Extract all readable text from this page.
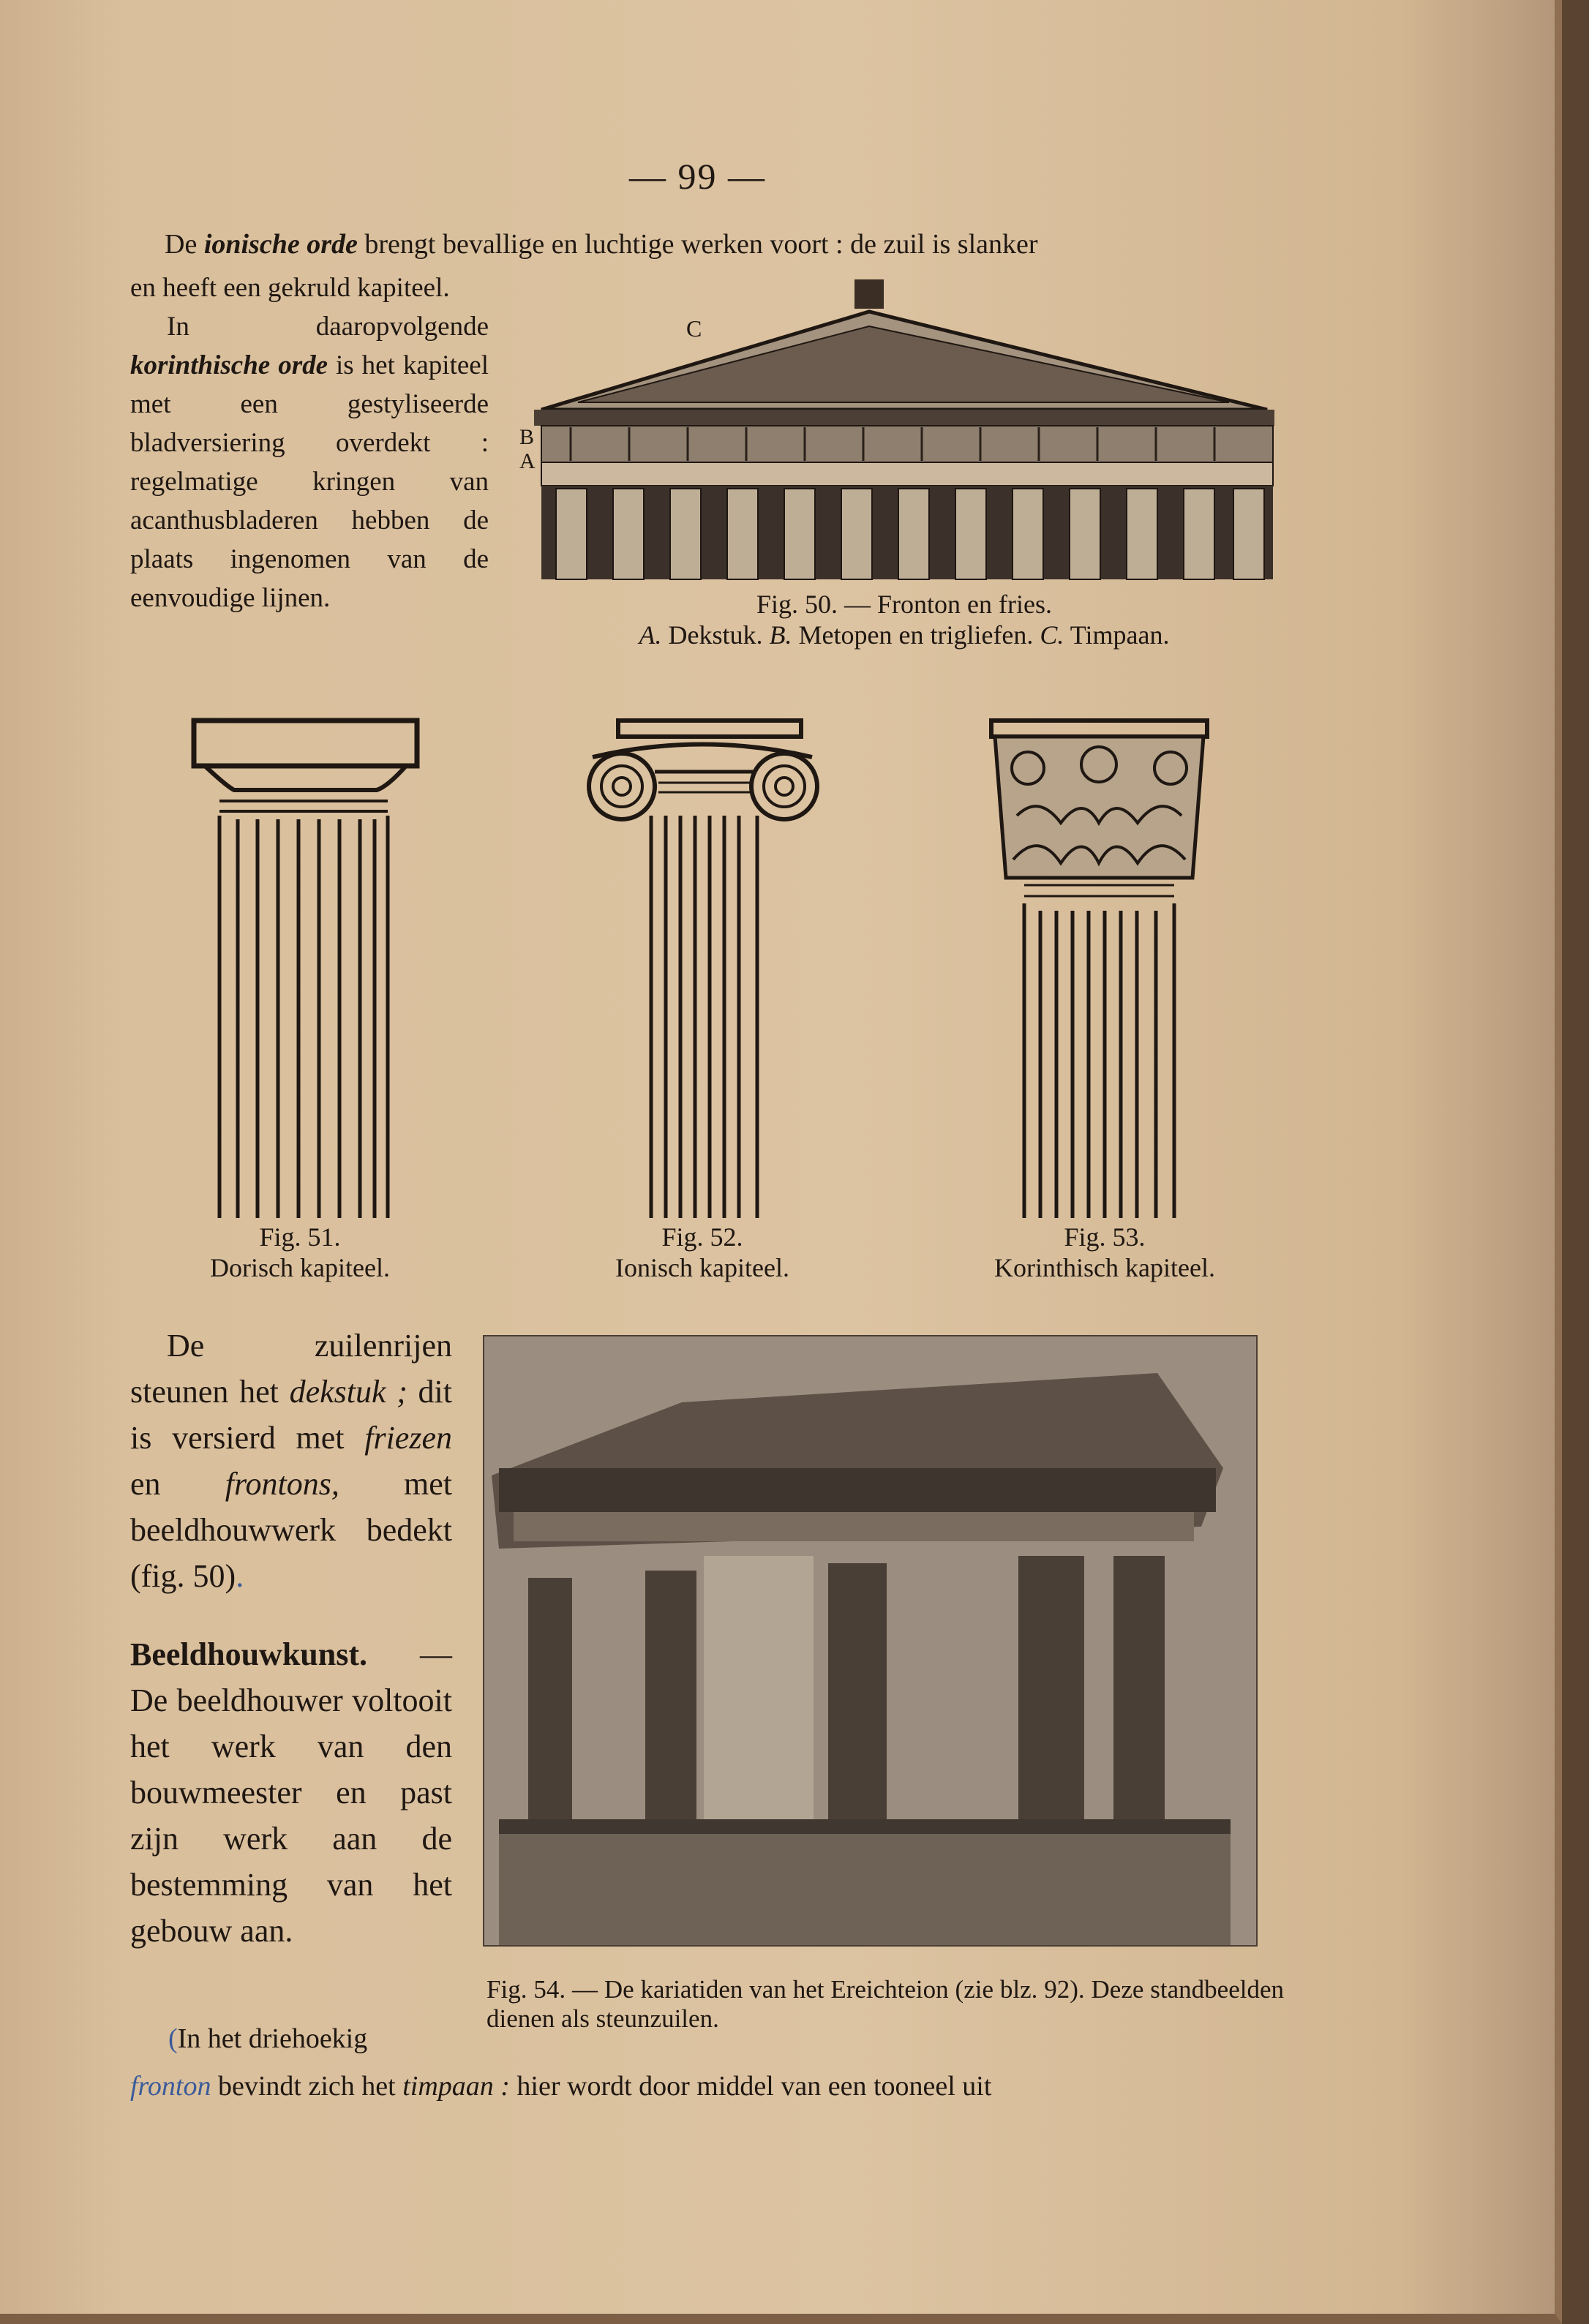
— 99 —
De ionische orde brengt bevallige en luchtige werken voort : de zuil is slanker

en heeft een gekruld kapiteel.

In daaropvolgende korinthische orde is het kapiteel met een gestyliseerde bladversiering overdekt : regelmatige kringen van acanthusbladeren hebben de plaats ingenomen van de eenvoudige lijnen.

C
B
A
Fig. 50. — Fronton en fries.
A. Dekstuk. B. Metopen en trigliefen. C. Timpaan.
Fig. 51.
Dorisch kapiteel.
Fig. 52.
Ionisch kapiteel.
Fig. 53.
Korinthisch kapiteel.

De zuilenrijen steunen het dekstuk ; dit is versierd met friezen en frontons, met beeldhouwwerk bedekt (fig. 50).

Beeldhouwkunst. — De beeldhouwer voltooit het werk van den bouwmeester en past zijn werk aan de bestemming van het gebouw aan.

Fig. 54. — De kariatiden van het Ereichteion (zie blz. 92). Deze standbeelden dienen als steunzuilen.
(In het driehoekig
fronton bevindt zich het timpaan : hier wordt door middel van een tooneel uit
